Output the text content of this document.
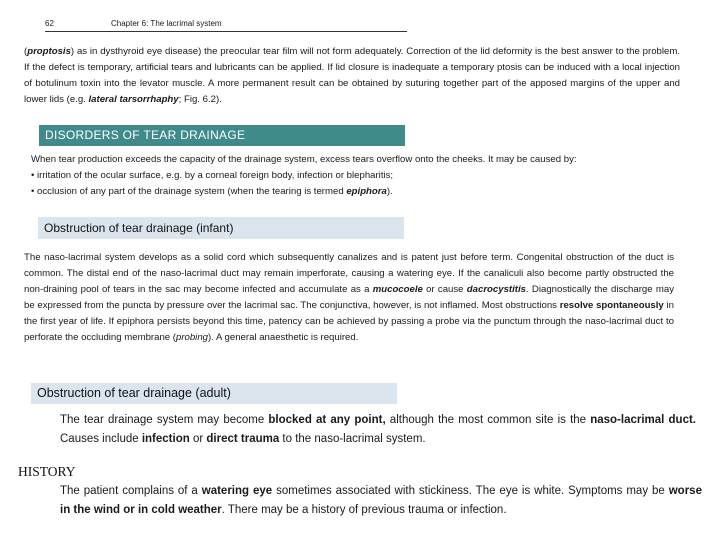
62	Chapter 6: The lacrimal system

(proptosis) as in dysthyroid eye disease) the preocular tear film will not form adequately. Correction of the lid deformity is the best answer to the problem. If the defect is temporary, artificial tears and lubricants can be applied. If lid closure is inadequate a temporary ptosis can be induced with a local injection of botulinum toxin into the levator muscle. A more permanent result can be obtained by suturing together part of the apposed margins of the upper and lower lids (e.g. lateral tarsorrhaphy; Fig. 6.2).

DISORDERS OF TEAR DRAINAGE
When tear production exceeds the capacity of the drainage system, excess tears overflow onto the cheeks. It may be caused by:
• irritation of the ocular surface, e.g. by a corneal foreign body, infection or blepharitis;
• occlusion of any part of the drainage system (when the tearing is termed epiphora).
Obstruction of tear drainage (infant)

The naso-lacrimal system develops as a solid cord which subsequently canalizes and is patent just before term. Congenital obstruction of the duct is common. The distal end of the naso-lacrimal duct may remain imperforate, causing a watering eye. If the canaliculi also become partly obstructed the non-draining pool of tears in the sac may become infected and accumulate as a mucocoele or cause dacrocystitis. Diagnostically the discharge may be expressed from the puncta by pressure over the lacrimal sac. The conjunctiva, however, is not inflamed. Most obstructions resolve spontaneously in the first year of life. If epiphora persists beyond this time, patency can be achieved by passing a probe via the punctum through the naso-lacrimal duct to perforate the occluding membrane (probing). A general anaesthetic is required.

Obstruction of tear drainage (adult)

The tear drainage system may become blocked at any point, although the most common site is the naso-lacrimal duct. Causes include infection or direct trauma to the naso-lacrimal system.

HISTORY

The patient complains of a watering eye sometimes associated with stickiness. The eye is white. Symptoms may be worse in the wind or in cold weather. There may be a history of previous trauma or infection.
